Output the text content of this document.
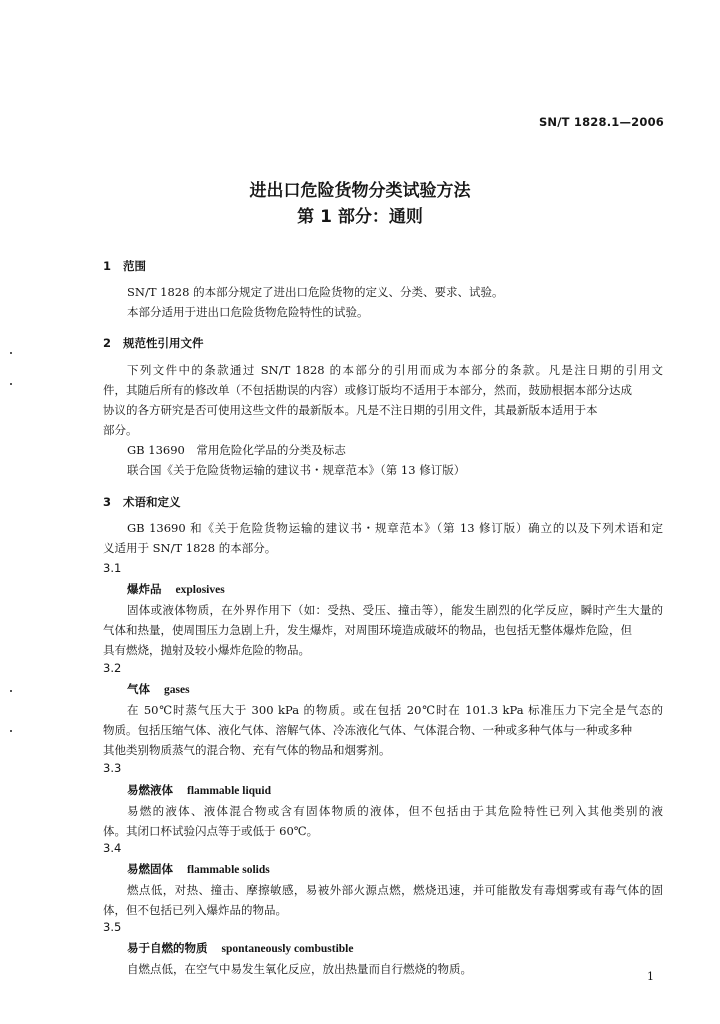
SN/T 1828.1—2006
进出口危险货物分类试验方法
第 1 部分：通则
1 范围
SN/T 1828 的本部分规定了进出口危险货物的定义、分类、要求、试验。
本部分适用于进出口危险货物危险特性的试验。
2 规范性引用文件
下列文件中的条款通过 SN/T 1828 的本部分的引用而成为本部分的条款。凡是注日期的引用文
件，其随后所有的修改单（不包括勘误的内容）或修订版均不适用于本部分，然而，鼓励根据本部分达成
协议的各方研究是否可使用这些文件的最新版本。凡是不注日期的引用文件，其最新版本适用于本
部分。
GB 13690　常用危险化学品的分类及标志
联合国《关于危险货物运输的建议书・规章范本》（第 13 修订版）
3 术语和定义
GB 13690 和《关于危险货物运输的建议书・规章范本》（第 13 修订版）确立的以及下列术语和定
义适用于 SN/T 1828 的本部分。
3.1
爆炸品 explosives
固体或液体物质，在外界作用下（如：受热、受压、撞击等），能发生剧烈的化学反应，瞬时产生大量的
气体和热量，使周围压力急剧上升，发生爆炸，对周围环境造成破坏的物品，也包括无整体爆炸危险，但
具有燃烧，抛射及较小爆炸危险的物品。
3.2
气体 gases
在 50℃时蒸气压大于 300 kPa 的物质。或在包括 20℃时在 101.3 kPa 标准压力下完全是气态的
物质。包括压缩气体、液化气体、溶解气体、冷冻液化气体、气体混合物、一种或多种气体与一种或多种
其他类别物质蒸气的混合物、充有气体的物品和烟雾剂。
3.3
易燃液体 flammable liquid
易燃的液体、液体混合物或含有固体物质的液体，但不包括由于其危险特性已列入其他类别的液
体。其闭口杯试验闪点等于或低于 60℃。
3.4
易燃固体 flammable solids
燃点低，对热、撞击、摩擦敏感，易被外部火源点燃，燃烧迅速，并可能散发有毒烟雾或有毒气体的固
体，但不包括已列入爆炸品的物品。
3.5
易于自燃的物质 spontaneously combustible
自燃点低，在空气中易发生氧化反应，放出热量而自行燃烧的物质。
1
